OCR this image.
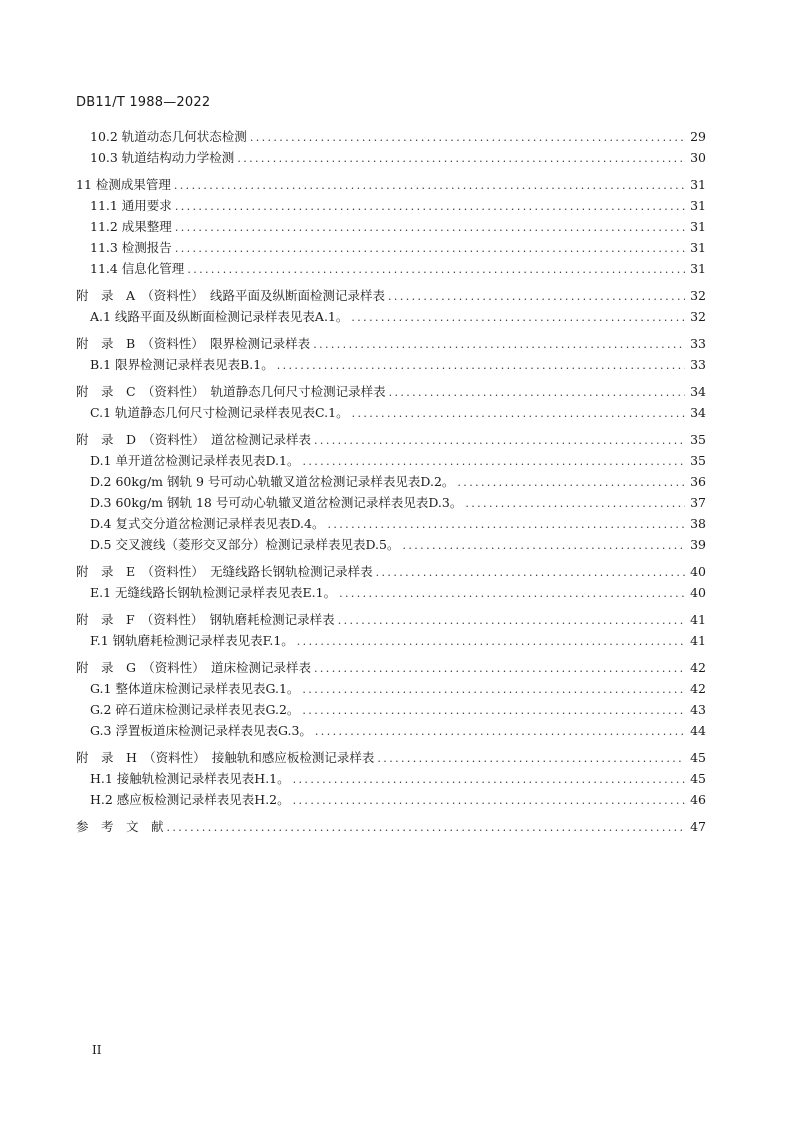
DB11/T 1988—2022
10.2 轨道动态几何状态检测 .....	29
10.3 轨道结构动力学检测 .....	30
11 检测成果管理 .....	31
11.1 通用要求 .....	31
11.2 成果整理 .....	31
11.3 检测报告 .....	31
11.4 信息化管理 .....	31
附　录　A　（资料性）　线路平面及纵断面检测记录样表 .....	32
A.1 线路平面及纵断面检测记录样表见表A.1。 .....	32
附　录　B　（资料性）　限界检测记录样表 .....	33
B.1 限界检测记录样表见表B.1。 .....	33
附　录　C　（资料性）　轨道静态几何尺寸检测记录样表 .....	34
C.1 轨道静态几何尺寸检测记录样表见表C.1。 .....	34
附　录　D　（资料性）　道岔检测记录样表 .....	35
D.1 单开道岔检测记录样表见表D.1。 .....	35
D.2 60kg/m 钢轨 9 号可动心轨辙叉道岔检测记录样表见表D.2。 .....	36
D.3 60kg/m 钢轨 18 号可动心轨辙叉道岔检测记录样表见表D.3。 .....	37
D.4 复式交分道岔检测记录样表见表D.4。 .....	38
D.5 交叉渡线（菱形交叉部分）检测记录样表见表D.5。 .....	39
附　录　E　（资料性）　无缝线路长钢轨检测记录样表 .....	40
E.1 无缝线路长钢轨检测记录样表见表E.1。 .....	40
附　录　F　（资料性）　钢轨磨耗检测记录样表 .....	41
F.1 钢轨磨耗检测记录样表见表F.1。 .....	41
附　录　G　（资料性）　道床检测记录样表 .....	42
G.1 整体道床检测记录样表见表G.1。 .....	42
G.2 碎石道床检测记录样表见表G.2。 .....	43
G.3 浮置板道床检测记录样表见表G.3。 .....	44
附　录　H　（资料性）　接触轨和感应板检测记录样表 .....	45
H.1 接触轨检测记录样表见表H.1。 .....	45
H.2 感应板检测记录样表见表H.2。 .....	46
参　考　文　献 .....	47
II
